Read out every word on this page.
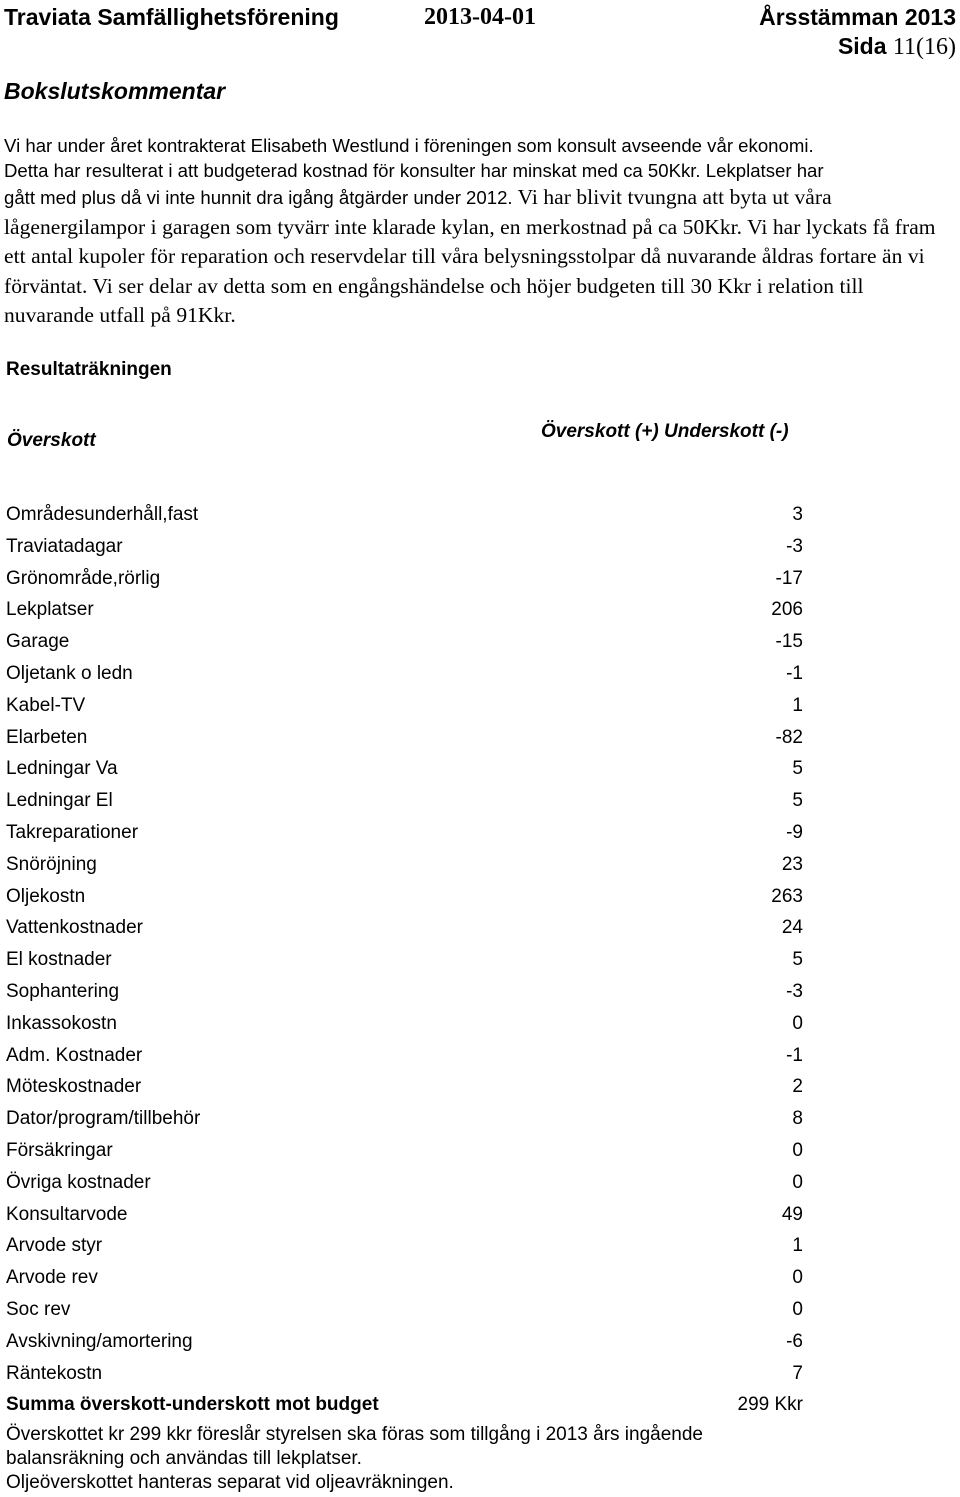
Traviata Samfällighetsförening	2013-04-01	Årsstämman 2013
Sida 11(16)
Bokslutskommentar
Vi har under året kontrakterat Elisabeth Westlund i föreningen som konsult avseende vår ekonomi.
Detta har resulterat i att budgeterad kostnad för konsulter har minskat med ca 50Kkr. Lekplatser har
gått med plus då vi inte hunnit dra igång åtgärder under 2012. Vi har blivit tvungna att byta ut våra lågenergilampor i garagen som tyvärr inte klarade kylan, en merkostnad på ca 50Kkr. Vi har lyckats få fram ett antal kupoler för reparation och reservdelar till våra belysningsstolpar då nuvarande åldras fortare än vi förväntat. Vi ser delar av detta som en engångshändelse och höjer budgeten till 30 Kkr i relation till nuvarande utfall på 91Kkr.
Resultaträkningen
Överskott	Överskott (+) Underskott (-)
Områdesunderhåll,fast	3
Traviatadagar	-3
Grönområde,rörlig	-17
Lekplatser	206
Garage	-15
Oljetank o ledn	-1
Kabel-TV	1
Elarbeten	-82
Ledningar Va	5
Ledningar El	5
Takreparationer	-9
Snöröjning	23
Oljekostn	263
Vattenkostnader	24
El kostnader	5
Sophantering	-3
Inkassokostn	0
Adm. Kostnader	-1
Möteskostnader	2
Dator/program/tillbehör	8
Försäkringar	0
Övriga kostnader	0
Konsultarvode	49
Arvode styr	1
Arvode rev	0
Soc rev	0
Avskivning/amortering	-6
Räntekostn	7
Summa överskott-underskott mot budget	299 Kkr
Överskottet kr 299 kkr föreslår styrelsen ska föras som tillgång i 2013 års ingående balansräkning och användas till lekplatser.
Oljeöverskottet hanteras separat vid oljeavräkningen.
